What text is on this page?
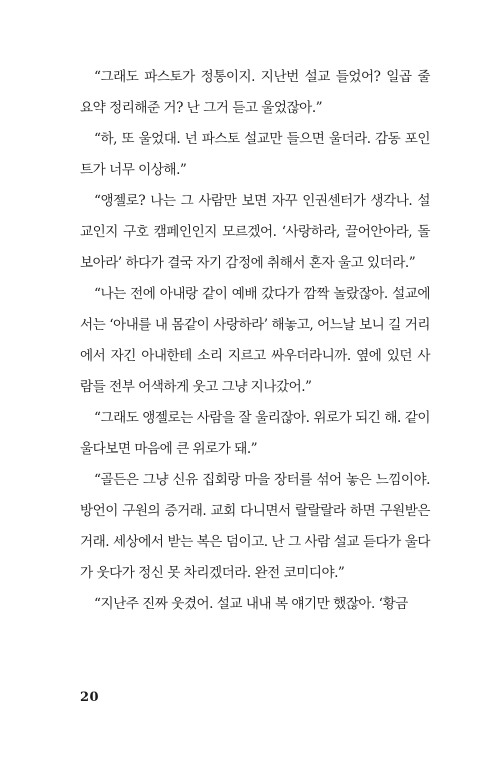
“그래도 파스토가 정통이지. 지난번 설교 들었어? 일곱 줄 요약 정리해준 거? 난 그거 듣고 울었잖아.”

“하, 또 울었대. 넌 파스토 설교만 들으면 울더라. 감동 포인트가 너무 이상해.”

“앵젤로? 나는 그 사람만 보면 자꾸 인권센터가 생각나. 설교인지 구호 캠페인인지 모르겠어. ‘사랑하라, 끌어안아라, 돌보아라’ 하다가 결국 자기 감정에 취해서 혼자 울고 있더라.”

“나는 전에 아내랑 같이 예배 갔다가 깜짝 놀랐잖아. 설교에서는 ‘아내를 내 몸같이 사랑하라’ 해놓고, 어느날 보니 길 거리에서 자긴 아내한테 소리 지르고 싸우더라니까. 옆에 있던 사람들 전부 어색하게 웃고 그냥 지나갔어.”

“그래도 앵젤로는 사람을 잘 울리잖아. 위로가 되긴 해. 같이 울다보면 마음에 큰 위로가 돼.”

“골든은 그냥 신유 집회랑 마을 장터를 섞어 놓은 느낌이야. 방언이 구원의 증거래. 교회 다니면서 랄랄랄라 하면 구원받은 거래. 세상에서 받는 복은 덤이고. 난 그 사람 설교 듣다가 울다가 웃다가 정신 못 차리겠더라. 완전 코미디야.”

“지난주 진짜 웃겼어. 설교 내내 복 얘기만 했잖아. ‘황금

20
